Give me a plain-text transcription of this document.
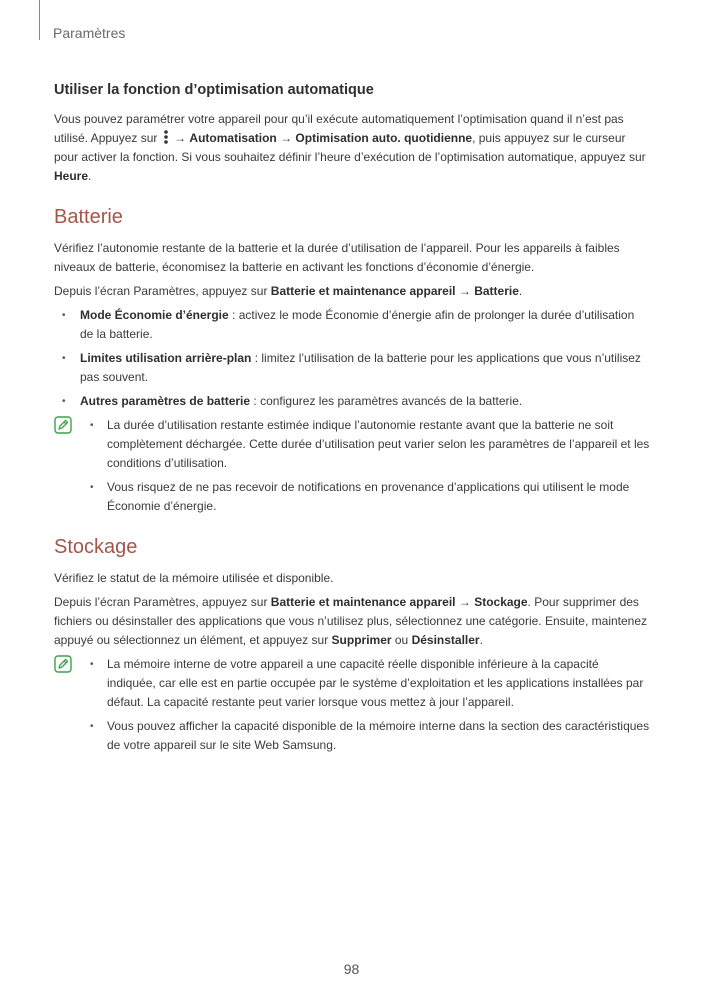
Paramètres
Utiliser la fonction d’optimisation automatique

Vous pouvez paramétrer votre appareil pour qu’il exécute automatiquement l’optimisation quand il n’est pas utilisé. Appuyez sur  → Automatisation → Optimisation auto. quotidienne, puis appuyez sur le curseur pour activer la fonction. Si vous souhaitez définir l’heure d’exécution de l’optimisation automatique, appuyez sur Heure.

Batterie

Vérifiez l’autonomie restante de la batterie et la durée d’utilisation de l’appareil. Pour les appareils à faibles niveaux de batterie, économisez la batterie en activant les fonctions d’économie d’énergie.

Depuis l’écran Paramètres, appuyez sur Batterie et maintenance appareil → Batterie.

• Mode Économie d’énergie : activez le mode Économie d’énergie afin de prolonger la durée d’utilisation de la batterie.
• Limites utilisation arrière-plan : limitez l’utilisation de la batterie pour les applications que vous n’utilisez pas souvent.
• Autres paramètres de batterie : configurez les paramètres avancés de la batterie.
• La durée d’utilisation restante estimée indique l’autonomie restante avant que la batterie ne soit complètement déchargée. Cette durée d’utilisation peut varier selon les paramètres de l’appareil et les conditions d’utilisation.
• Vous risquez de ne pas recevoir de notifications en provenance d’applications qui utilisent le mode Économie d’énergie.
Stockage

Vérifiez le statut de la mémoire utilisée et disponible.

Depuis l’écran Paramètres, appuyez sur Batterie et maintenance appareil → Stockage. Pour supprimer des fichiers ou désinstaller des applications que vous n’utilisez plus, sélectionnez une catégorie. Ensuite, maintenez appuyé ou sélectionnez un élément, et appuyez sur Supprimer ou Désinstaller.

• La mémoire interne de votre appareil a une capacité réelle disponible inférieure à la capacité indiquée, car elle est en partie occupée par le système d’exploitation et les applications installées par défaut. La capacité restante peut varier lorsque vous mettez à jour l’appareil.
• Vous pouvez afficher la capacité disponible de la mémoire interne dans la section des caractéristiques de votre appareil sur le site Web Samsung.
98
